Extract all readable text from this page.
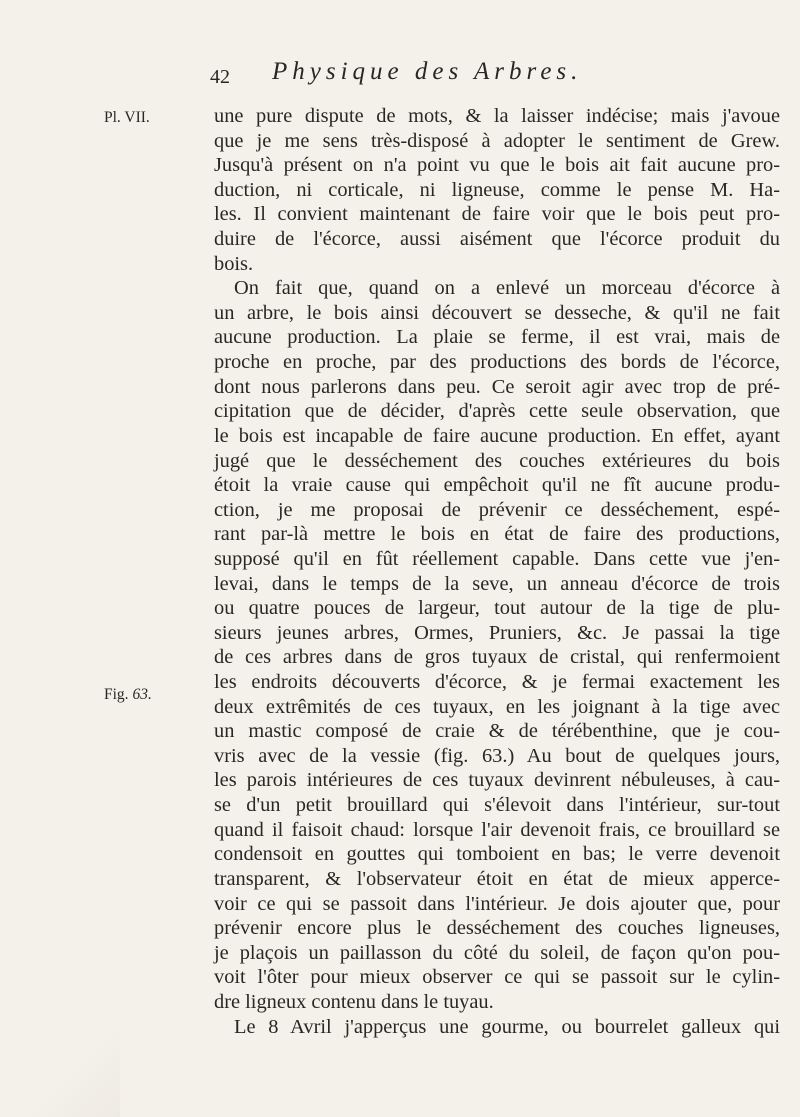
42 Physique des Arbres.
Pl. VII.
Fig. 63.
une pure dispute de mots, & la laisser indécise; mais j'avoue
que je me sens très-disposé à adopter le sentiment de Grew.
Jusqu'à présent on n'a point vu que le bois ait fait aucune pro-
duction, ni corticale, ni ligneuse, comme le pense M. Ha-
les. Il convient maintenant de faire voir que le bois peut pro-
duire de l'écorce, aussi aisément que l'écorce produit du
bois.
On fait que, quand on a enlevé un morceau d'écorce à
un arbre, le bois ainsi découvert se desseche, & qu'il ne fait
aucune production. La plaie se ferme, il est vrai, mais de
proche en proche, par des productions des bords de l'écorce,
dont nous parlerons dans peu. Ce seroit agir avec trop de pré-
cipitation que de décider, d'après cette seule observation, que
le bois est incapable de faire aucune production. En effet, ayant
jugé que le desséchement des couches extérieures du bois
étoit la vraie cause qui empêchoit qu'il ne fît aucune produ-
ction, je me proposai de prévenir ce desséchement, espé-
rant par-là mettre le bois en état de faire des productions,
supposé qu'il en fût réellement capable. Dans cette vue j'en-
levai, dans le temps de la seve, un anneau d'écorce de trois
ou quatre pouces de largeur, tout autour de la tige de plu-
sieurs jeunes arbres, Ormes, Pruniers, &c. Je passai la tige
de ces arbres dans de gros tuyaux de cristal, qui renfermoient
les endroits découverts d'écorce, & je fermai exactement les
deux extrêmités de ces tuyaux, en les joignant à la tige avec
un mastic composé de craie & de térébenthine, que je cou-
vris avec de la vessie (fig. 63.) Au bout de quelques jours,
les parois intérieures de ces tuyaux devinrent nébuleuses, à cau-
se d'un petit brouillard qui s'élevoit dans l'intérieur, sur-tout
quand il faisoit chaud: lorsque l'air devenoit frais, ce brouillard se
condensoit en gouttes qui tomboient en bas; le verre devenoit
transparent, & l'observateur étoit en état de mieux apperce-
voir ce qui se passoit dans l'intérieur. Je dois ajouter que, pour
prévenir encore plus le desséchement des couches ligneuses,
je plaçois un paillasson du côté du soleil, de façon qu'on pou-
voit l'ôter pour mieux observer ce qui se passoit sur le cylin-
dre ligneux contenu dans le tuyau.
Le 8 Avril j'apperçus une gourme, ou bourrelet galleux qui
